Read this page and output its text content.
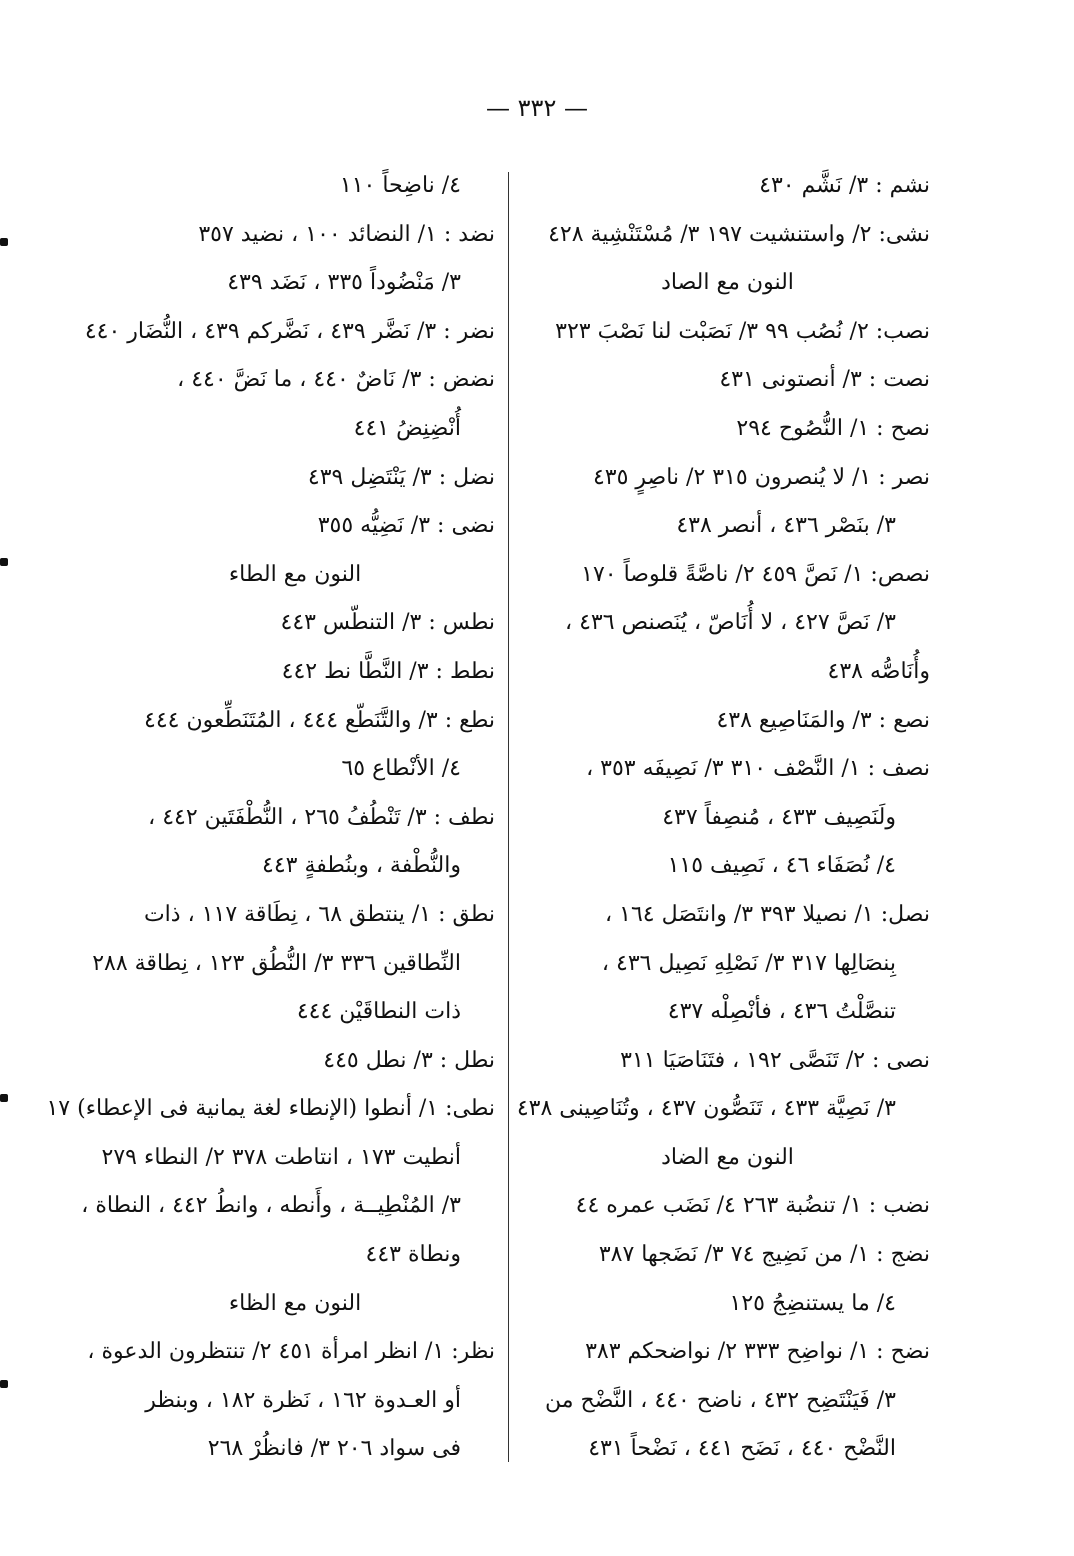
— ٣٣٢ —
نشم : ٣/ نَشَّم ٤٣٠
نشى: ٢/ واستنشيت ١٩٧ ٣/ مُسْتَنْشِية ٤٢٨
النون مع الصاد
نصب: ٢/ نُصُب ٩٩ ٣/ نَصَبْت لنا نَصْبَ ٣٢٣
نصت : ٣/ أنصتونى ٤٣١
نصح : ١/ النُّصُوح ٢٩٤
نصر : ١/ لا يُنصرون ٣١٥ ٢/ ناصِرٍ ٤٣٥
٣/ بنَصْر ٤٣٦ ، أنصر ٤٣٨
نصص: ١/ نَصَّ ٤٥٩ ٢/ ناصَّةً قلوصاً ١٧٠
٣/ نَصَّ ٤٢٧ ، لا أُنَاصّ ، يُنَصنص ٤٣٦ ،
وأُنَاصُّه ٤٣٨
نصع : ٣/ والمَنَاصِيع ٤٣٨
نصف : ١/ النَّصْف ٣١٠ ٣/ نَصِيفَه ٣٥٣ ،
ولَنَصِيف ٤٣٣ ، مُنصِفاً ٤٣٧
٤/ نُصَفَاء ٤٦ ، نَصِيف ١١٥
نصل: ١/ نصيلا ٣٩٣ ٣/ وانتَصَل ١٦٤ ،
بِنصَالِها ٣١٧ ٣/ نَصْلِهِ نَصِيل ٤٣٦ ،
تنصَّلْتُ ٤٣٦ ، فأنْصِلْه ٤٣٧
نصى : ٢/ تَنَصَّى ١٩٢ ، فتَنَاصَيَا ٣١١
٣/ نَصِيَّة ٤٣٣ ، تَنَصُّون ٤٣٧ ، وتُنَاصِينى ٤٣٨
النون مع الضاد
نضب : ١/ تنضُبة ٢٦٣ ٤/ نَضَب عمره ٤٤
نضج : ١/ من نَضِيج ٧٤ ٣/ نَضَجها ٣٨٧
٤/ ما يستنضِجُ ١٢٥
نضح : ١/ نواضِح ٣٣٣ ٢/ نواضحكم ٣٨٣
٣/ فَيَنْتَضِح ٤٣٢ ، ناضح ٤٤٠ ، النَّضْح من
النَّضْح ٤٤٠ ، نَضَح ٤٤١ ، نَضْحاً ٤٣١
٤/ ناضِحاً ١١٠
نضد : ١/ النضائد ١٠٠ ، نضيد ٣٥٧
٣/ مَنْضُوداً ٣٣٥ ، نَضَد ٤٣٩
نضر : ٣/ نَضَّر ٤٣٩ ، نَضَّركم ٤٣٩ ، النُّضَار ٤٤٠
نضض : ٣/ نَاضٌ ٤٤٠ ، ما نَضَّ ٤٤٠ ،
أُنْضِنِضُ ٤٤١
نضل : ٣/ يَنْتَضِل ٤٣٩
نضى : ٣/ نَضِيُّه ٣٥٥
النون مع الطاء
نطس : ٣/ التنطّس ٤٤٣
نطط : ٣/ النَّطَّا نط ٤٤٢
نطع : ٣/ والتَّنَطّع ٤٤٤ ، المُتَنَطِّعون ٤٤٤
٤/ الأنْطاع ٦٥
نطف : ٣/ تَنْطُفُ ٢٦٥ ، النُّطْفَتَين ٤٤٢ ،
والنُّطْفة ، وبنُطفةٍ ٤٤٣
نطق : ١/ ينتطق ٦٨ ، نِطَاقة ١١٧ ، ذات
النِّطاقين ٣٣٦ ٣/ النُّطُق ١٢٣ ، نِطاقة ٢٨٨
ذات النطاقَيْن ٤٤٤
نطل : ٣/ نطل ٤٤٥
نطى: ١/ أنطوا (الإنطاء لغة يمانية فى الإعطاء) ١٧
أنطيت ١٧٣ ، انتاطت ٣٧٨ ٢/ النطاء ٢٧٩
٣/ المُنْطِيــة ، وأَنطه ، وانطُ ٤٤٢ ، النطاة ،
ونطاة ٤٤٣
النون مع الظاء
نظر: ١/ انظر امرأة ٤٥١ ٢/ تنتظرون الدعوة ،
أو العـدوة ١٦٢ ، نَظرة ١٨٢ ، وبنظر
فى سواد ٢٠٦ ٣/ فانظُرْ ٢٦٨
